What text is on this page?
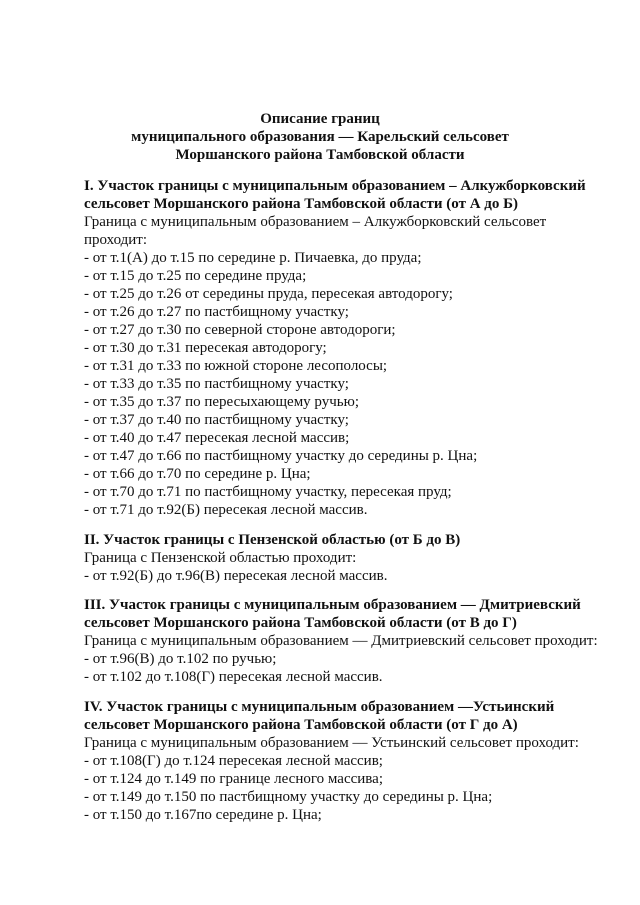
Описание границ
муниципального образования — Карельский сельсовет
Моршанского района Тамбовской области
I. Участок границы с муниципальным образованием – Алкужборковский
сельсовет Моршанского района Тамбовской области (от А до Б)
Граница с муниципальным образованием – Алкужборковский сельсовет
проходит:
- от т.1(А) до т.15 по середине р. Пичаевка, до пруда;
- от т.15 до т.25 по середине пруда;
- от т.25 до т.26 от середины пруда, пересекая автодорогу;
- от т.26 до т.27 по пастбищному участку;
- от т.27 до т.30 по северной стороне автодороги;
- от т.30 до т.31 пересекая автодорогу;
- от т.31 до т.33 по южной стороне лесополосы;
- от т.33 до т.35 по пастбищному участку;
- от т.35 до т.37 по пересыхающему ручью;
- от т.37 до т.40 по пастбищному участку;
- от т.40 до т.47 пересекая лесной массив;
- от т.47 до т.66 по пастбищному участку до середины р. Цна;
- от т.66 до т.70 по середине р. Цна;
- от т.70 до т.71 по пастбищному участку, пересекая пруд;
- от т.71 до т.92(Б) пересекая лесной массив.
II. Участок границы с Пензенской областью (от Б до В)
Граница с Пензенской областью проходит:
- от т.92(Б) до т.96(В) пересекая лесной массив.
III. Участок границы с муниципальным образованием — Дмитриевский
сельсовет Моршанского района Тамбовской области (от В до Г)
Граница с муниципальным образованием — Дмитриевский сельсовет проходит:
- от т.96(В) до т.102 по ручью;
- от т.102 до т.108(Г) пересекая лесной массив.
IV. Участок границы с муниципальным образованием —Устьинский
сельсовет Моршанского района Тамбовской области (от Г до А)
Граница с муниципальным образованием — Устьинский сельсовет проходит:
- от т.108(Г) до т.124 пересекая лесной массив;
- от т.124 до т.149 по границе лесного массива;
- от т.149 до т.150 по пастбищному участку до середины р. Цна;
- от т.150 до т.167по середине р. Цна;
